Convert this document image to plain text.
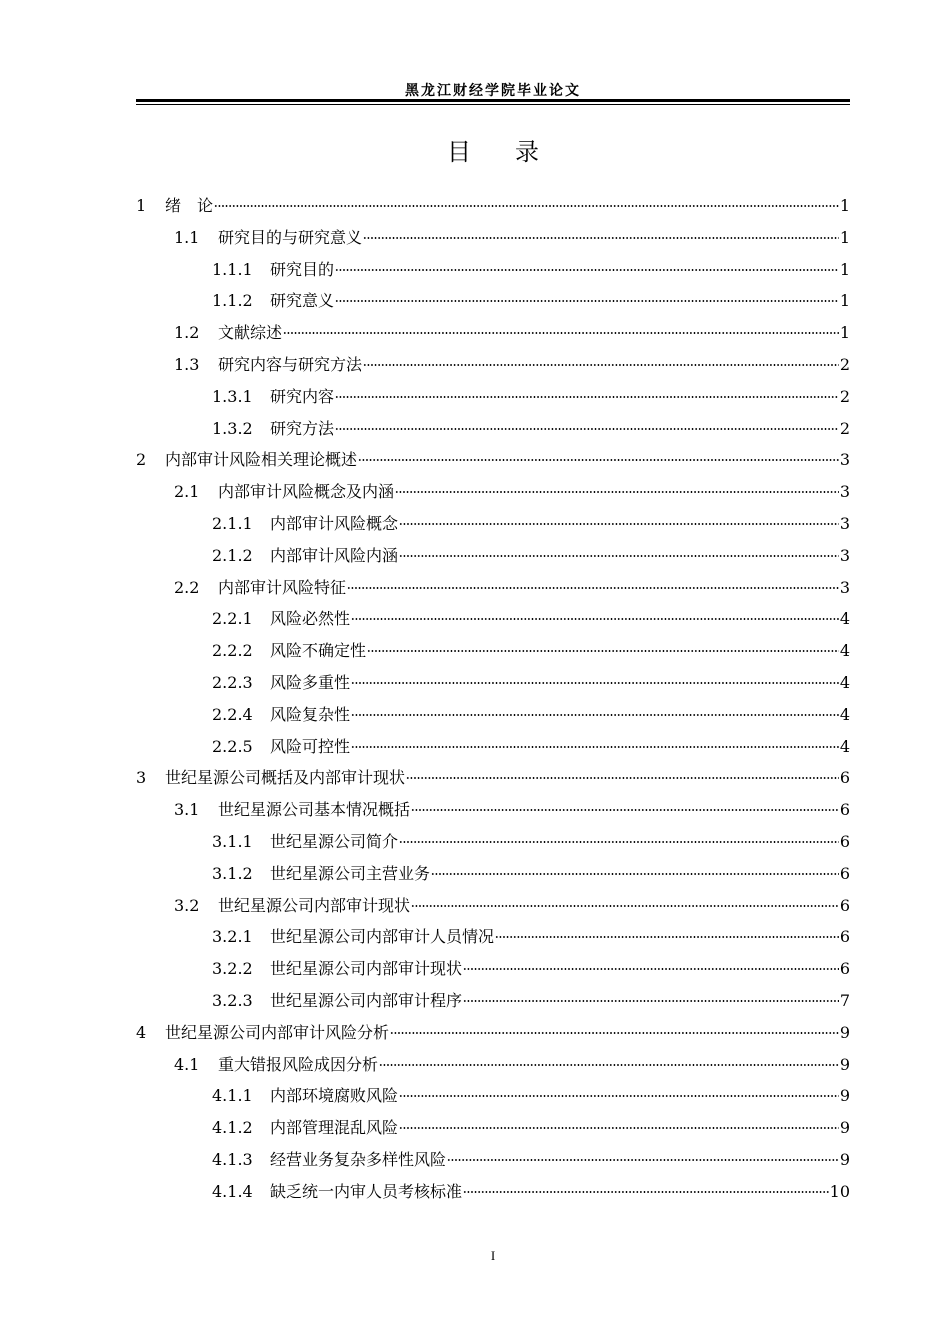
黑龙江财经学院毕业论文
目录
1	绪　论	1
1.1	研究目的与研究意义	1
1.1.1	研究目的	1
1.1.2	研究意义	1
1.2	文献综述	1
1.3	研究内容与研究方法	2
1.3.1	研究内容	2
1.3.2	研究方法	2
2	内部审计风险相关理论概述	3
2.1	内部审计风险概念及内涵	3
2.1.1	内部审计风险概念	3
2.1.2	内部审计风险内涵	3
2.2	内部审计风险特征	3
2.2.1	风险必然性	4
2.2.2	风险不确定性	4
2.2.3	风险多重性	4
2.2.4	风险复杂性	4
2.2.5	风险可控性	4
3	世纪星源公司概括及内部审计现状	6
3.1	世纪星源公司基本情况概括	6
3.1.1	世纪星源公司简介	6
3.1.2	世纪星源公司主营业务	6
3.2	世纪星源公司内部审计现状	6
3.2.1	世纪星源公司内部审计人员情况	6
3.2.2	世纪星源公司内部审计现状	6
3.2.3	世纪星源公司内部审计程序	7
4	世纪星源公司内部审计风险分析	9
4.1	重大错报风险成因分析	9
4.1.1	内部环境腐败风险	9
4.1.2	内部管理混乱风险	9
4.1.3	经营业务复杂多样性风险	9
4.1.4	缺乏统一内审人员考核标准	10
I
